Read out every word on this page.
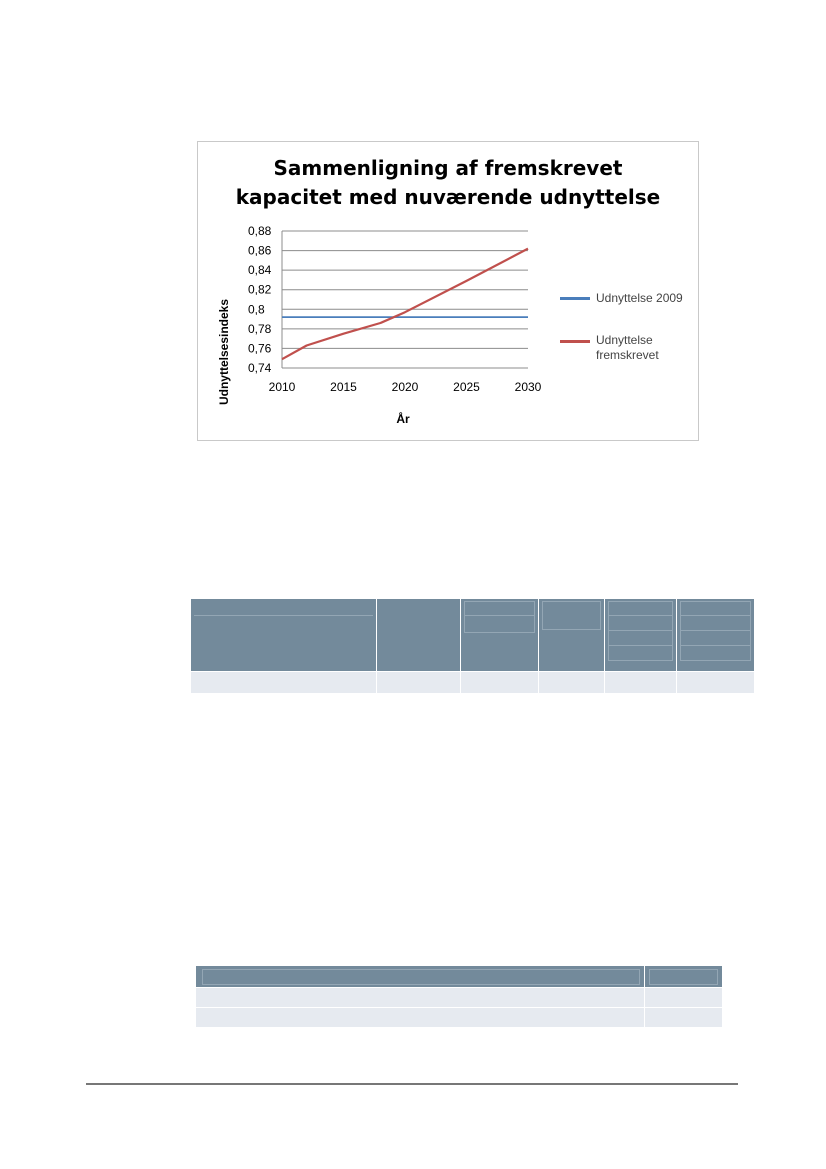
Sammenligning af fremskrevet
kapacitet med nuværende udnyttelse
0,74
0,76
0,78
0,8
0,82
0,84
0,86
0,88
2010	2015	2020	2025	2030
Udnyttelsesindeks
År
Udnyttelse 2009
Udnyttelse
fremskrevet
